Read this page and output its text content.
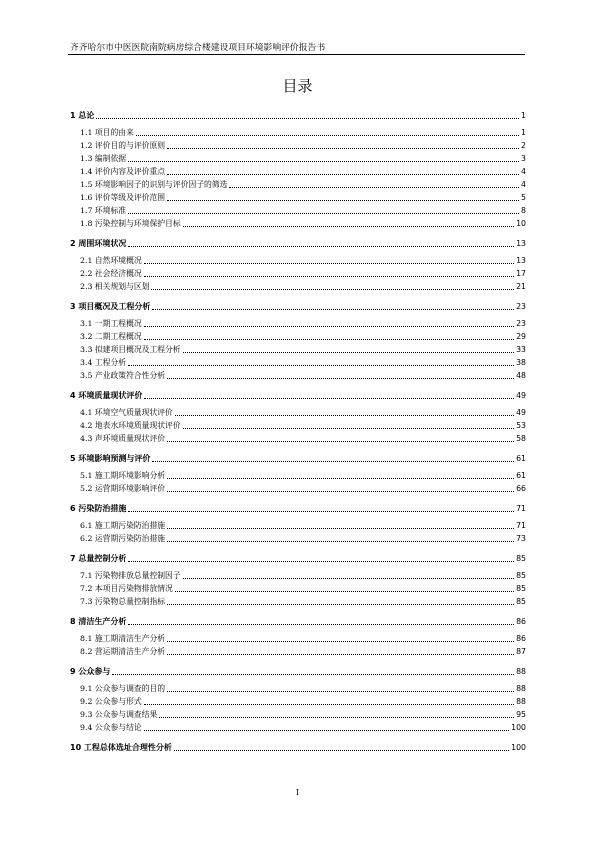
齐齐哈尔市中医医院南院病房综合楼建设项目环境影响评价报告书
目录
1 总论	1
1.1 项目的由来	1
1.2 评价目的与评价原则	2
1.3 编制依据	3
1.4 评价内容及评价重点	4
1.5 环境影响因子的识别与评价因子的筛选	4
1.6 评价等级及评价范围	5
1.7 环境标准	8
1.8 污染控制与环境保护目标	10
2 周围环境状况	13
2.1 自然环境概况	13
2.2 社会经济概况	17
2.3 相关规划与区划	21
3 项目概况及工程分析	23
3.1 一期工程概况	23
3.2 二期工程概况	29
3.3 拟建项目概况及工程分析	33
3.4 工程分析	38
3.5 产业政策符合性分析	48
4 环境质量现状评价	49
4.1 环境空气质量现状评价	49
4.2 地表水环境质量现状评价	53
4.3 声环境质量现状评价	58
5 环境影响预测与评价	61
5.1 施工期环境影响分析	61
5.2 运营期环境影响评价	66
6 污染防治措施	71
6.1 施工期污染防治措施	71
6.2 运营期污染防治措施	73
7 总量控制分析	85
7.1 污染物排放总量控制因子	85
7.2 本项目污染物排放情况	85
7.3 污染物总量控制指标	85
8 清洁生产分析	86
8.1 施工期清洁生产分析	86
8.2 营运期清洁生产分析	87
9 公众参与	88
9.1 公众参与调查的目的	88
9.2 公众参与形式	88
9.3 公众参与调查结果	95
9.4 公众参与结论	100
10 工程总体选址合理性分析	100
I
